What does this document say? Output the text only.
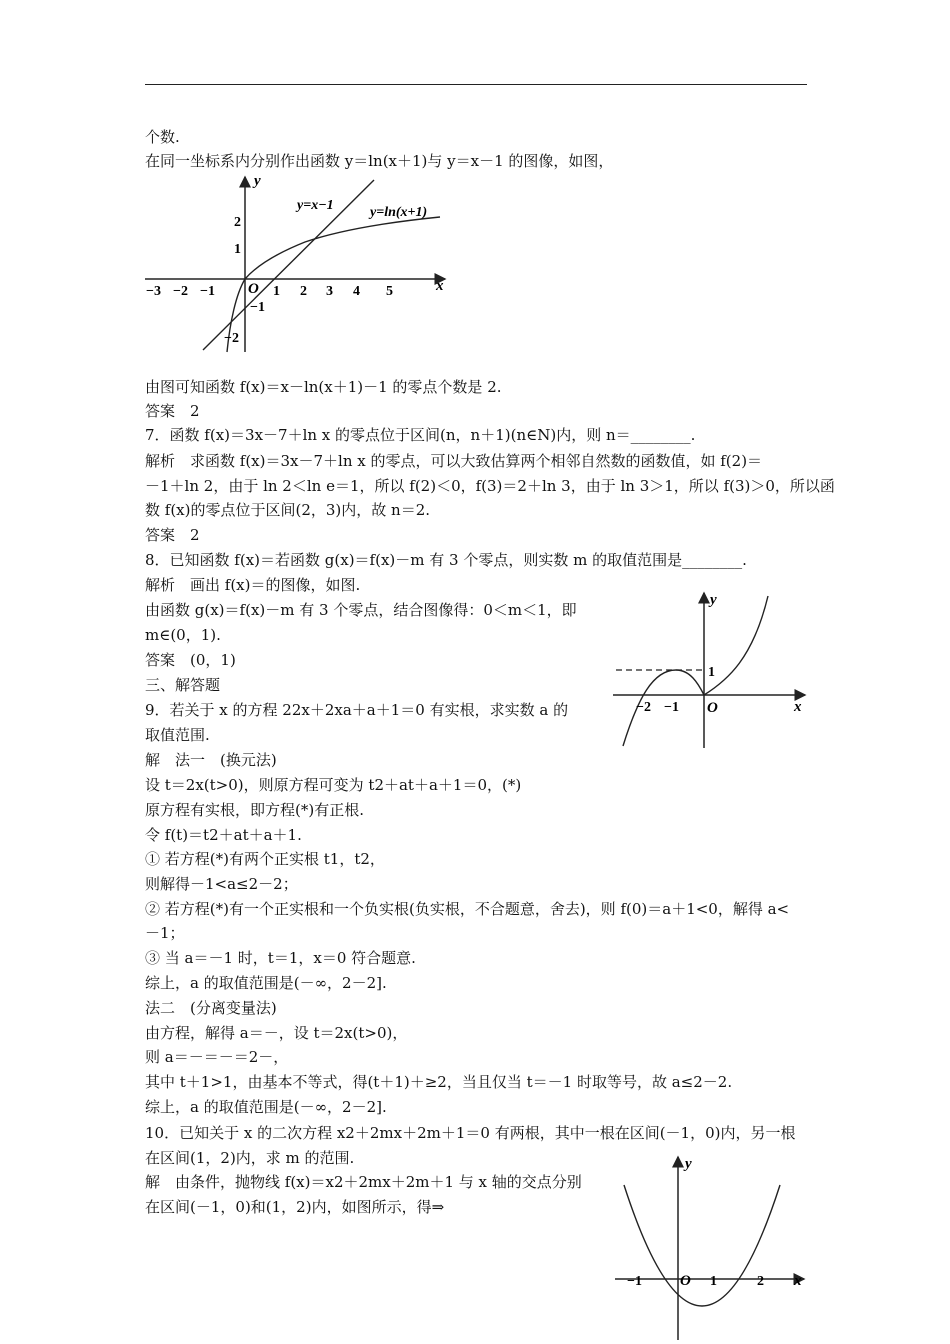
个数.
在同一坐标系内分别作出函数 y＝ln(x＋1)与 y＝x－1 的图像，如图，
由图可知函数 f(x)＝x－ln(x＋1)－1 的零点个数是 2.
答案　2
7．函数 f(x)＝3x－7＋ln x 的零点位于区间(n，n＋1)(n∈N)内，则 n＝________.
解析　求函数 f(x)＝3x－7＋ln x 的零点，可以大致估算两个相邻自然数的函数值，如 f(2)＝
－1＋ln 2，由于 ln 2＜ln e＝1，所以 f(2)＜0，f(3)＝2＋ln 3，由于 ln 3＞1，所以 f(3)＞0，所以函
数 f(x)的零点位于区间(2，3)内，故 n＝2.
答案　2
8．已知函数 f(x)＝若函数 g(x)＝f(x)－m 有 3 个零点，则实数 m 的取值范围是________.
解析　画出 f(x)＝的图像，如图.
由函数 g(x)＝f(x)－m 有 3 个零点，结合图像得：0＜m＜1，即
m∈(0，1).
答案　(0，1)
三、解答题
9．若关于 x 的方程 22x＋2xa＋a＋1＝0 有实根，求实数 a 的
取值范围.
解　法一　(换元法)
设 t＝2x(t>0)，则原方程可变为 t2＋at＋a＋1＝0，(*)
原方程有实根，即方程(*)有正根.
令 f(t)＝t2＋at＋a＋1.
① 若方程(*)有两个正实根 t1，t2，
则解得－1<a≤2－2；
② 若方程(*)有一个正实根和一个负实根(负实根，不合题意，舍去)，则 f(0)＝a＋1<0，解得 a<
－1；
③ 当 a＝－1 时，t＝1，x＝0 符合题意.
综上，a 的取值范围是(－∞，2－2].
法二　(分离变量法)
由方程，解得 a＝－，设 t＝2x(t>0)，
则 a＝－＝－＝2－，
其中 t＋1>1，由基本不等式，得(t＋1)＋≥2，当且仅当 t＝－1 时取等号，故 a≤2－2.
综上，a 的取值范围是(－∞，2－2].
10．已知关于 x 的二次方程 x2＋2mx＋2m＋1＝0 有两根，其中一根在区间(－1，0)内，另一根
在区间(1，2)内，求 m 的范围.
解　由条件，抛物线 f(x)＝x2＋2mx＋2m＋1 与 x 轴的交点分别
在区间(－1，0)和(1，2)内，如图所示，得⇒
y
x
O
−3 −2 −1	1 2 3 4 5
2
1
−1
−2
y=x−1	y=ln(x+1)
y
x
O
−2 −1
1
y
x
O
−1	1	2
